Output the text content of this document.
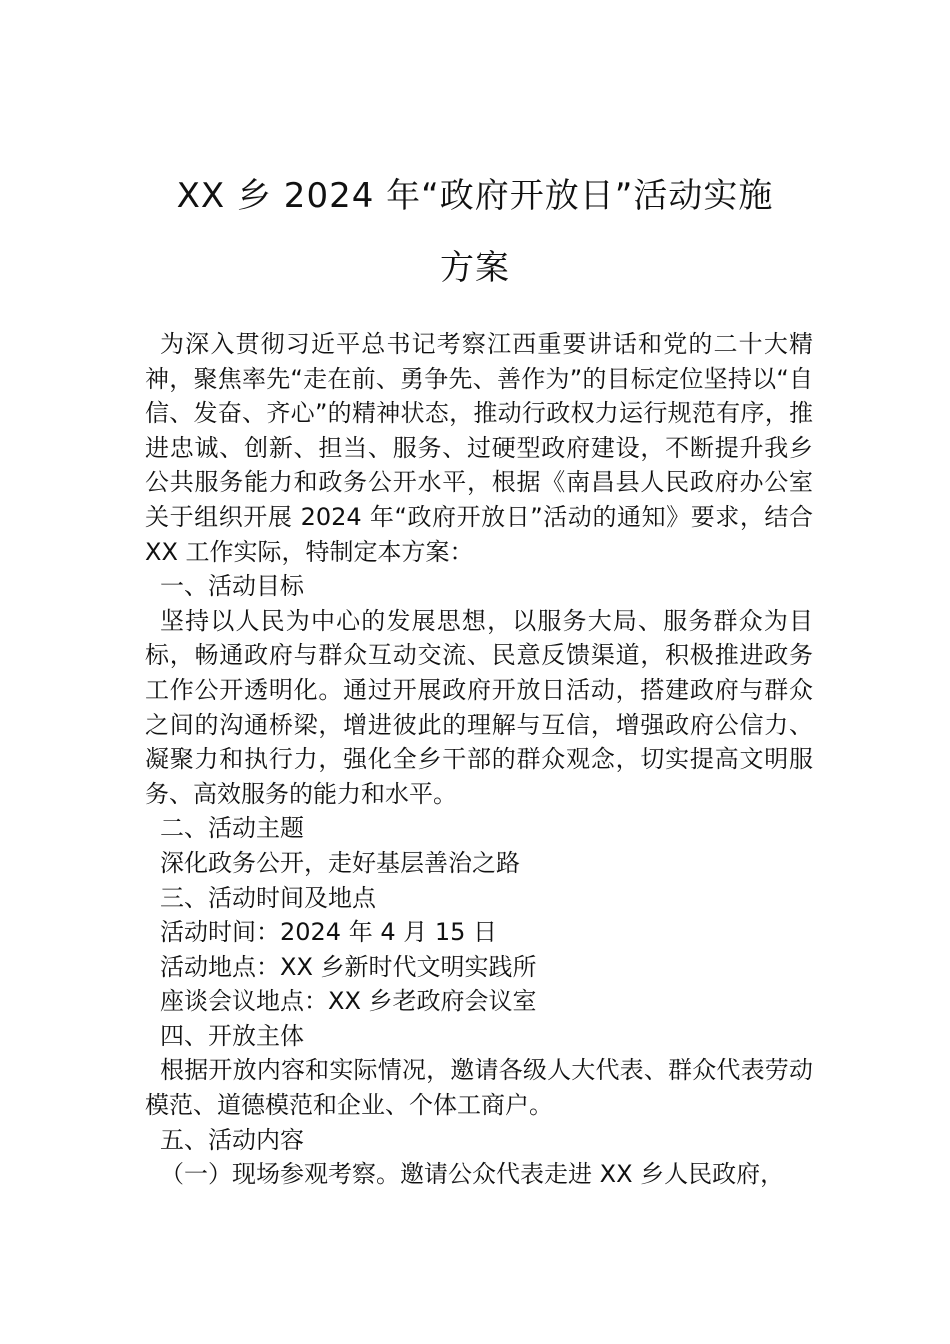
XX 乡 2024 年“政府开放日”活动实施
方案

为深入贯彻习近平总书记考察江西重要讲话和党的二十大精神，聚焦率先“走在前、勇争先、善作为”的目标定位坚持以“自信、发奋、齐心”的精神状态，推动行政权力运行规范有序，推进忠诚、创新、担当、服务、过硬型政府建设，不断提升我乡公共服务能力和政务公开水平，根据《南昌县人民政府办公室关于组织开展 2024 年“政府开放日”活动的通知》要求，结合 XX 工作实际，特制定本方案：

一、活动目标

坚持以人民为中心的发展思想，以服务大局、服务群众为目标，畅通政府与群众互动交流、民意反馈渠道，积极推进政务工作公开透明化。通过开展政府开放日活动，搭建政府与群众之间的沟通桥梁，增进彼此的理解与互信，增强政府公信力、凝聚力和执行力，强化全乡干部的群众观念，切实提高文明服务、高效服务的能力和水平。

二、活动主题

深化政务公开，走好基层善治之路

三、活动时间及地点

活动时间：2024 年 4 月 15 日

活动地点：XX 乡新时代文明实践所

座谈会议地点：XX 乡老政府会议室

四、开放主体

根据开放内容和实际情况，邀请各级人大代表、群众代表劳动模范、道德模范和企业、个体工商户。

五、活动内容

（一）现场参观考察。邀请公众代表走进 XX 乡人民政府，
